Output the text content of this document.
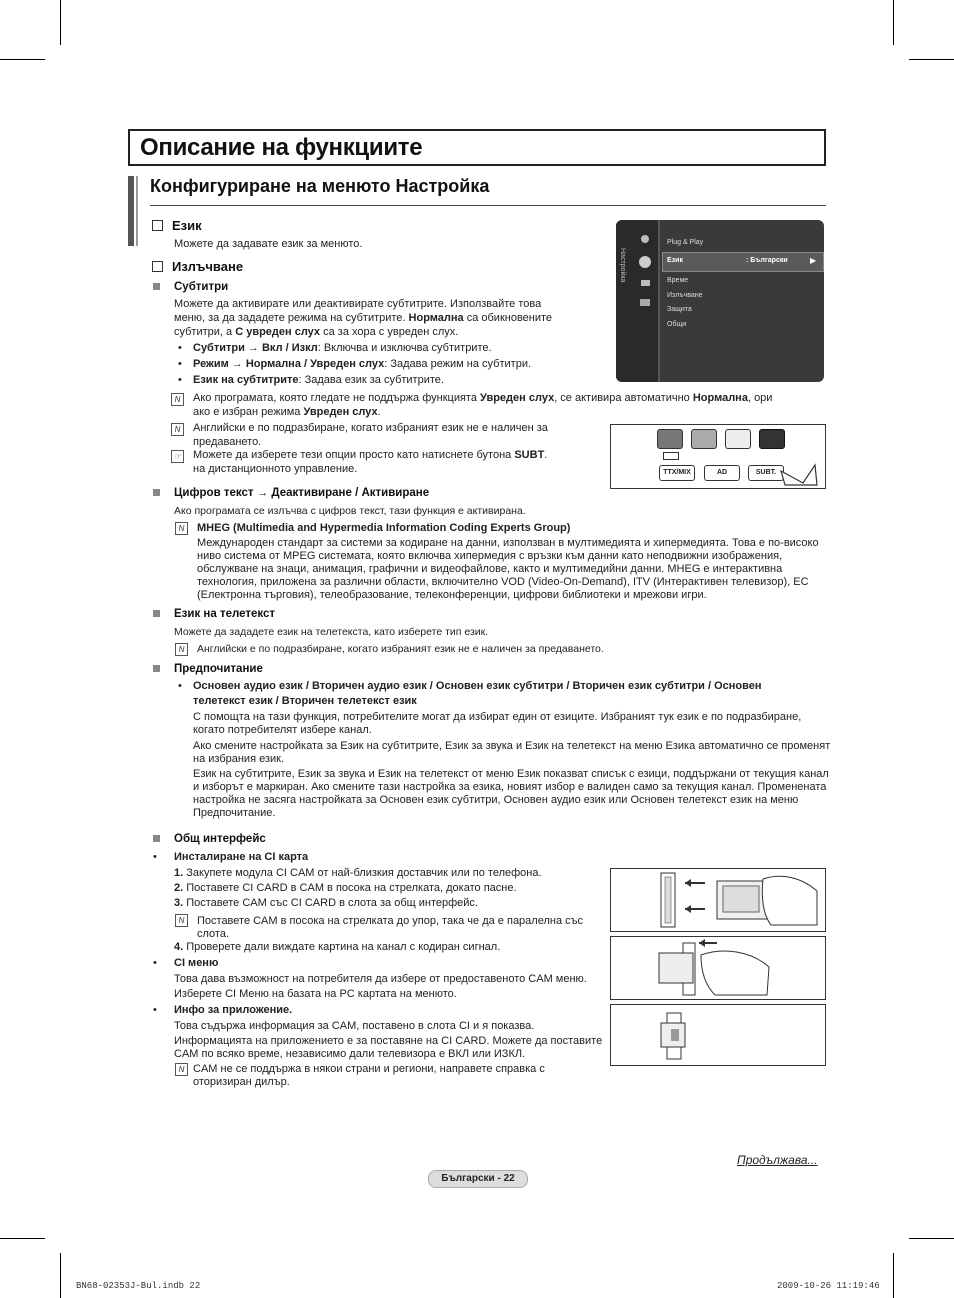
Описание на функциите
Конфигуриране на менюто Настройка
Език
Можете да задавате език за менюто.
Излъчване
Субтитри
Можете да активирате или деактивирате субтитрите. Използвайте това
меню, за да зададете режима на субтитрите. Нормална са обикновените
субтитри, а С увреден слух са за хора с увреден слух.
• Субтитри → Вкл / Изкл: Включва и изключва субтитрите.
• Режим → Нормална / Увреден слух: Задава режим на субтитри.
• Език на субтитрите: Задава език за субтитрите.
N	Ако програмата, която гледате не поддържа функцията Увреден слух, се активира автоматично Нормална, ори
ако е избран режима Увреден слух.
N	Английски е по подразбиране, когато избраният език не е наличен за
предаването.
☞ Можете да изберете тези опции просто като натиснете бутона SUBT.
на дистанционното управление.
Настройка
Plug & Play
Език	: Български	▶
Време
Излъчване
Защита
Общи
TTX/MIX	AD	SUBT.
Цифров текст → Деактивиране / Активиране
Ако програмата се излъчва с цифров текст, тази функция е активирана.
N	MHEG (Multimedia and Hypermedia Information Coding Experts Group)
Международен стандарт за системи за кодиране на данни, използван в мултимедията и хипермедията. Това е по-високо
ниво система от MPEG системата, която включва хипермедия с връзки към данни като неподвижни изображения,
обслужване на знаци, анимация, графични и видеофайлове, както и мултимедийни данни. MHEG е интерактивна
технология, приложена за различни области, включително VOD (Video-On-Demand), ITV (Интерактивен телевизор), EC
(Електронна търговия), телеобразование, телеконференции, цифрови библиотеки и мрежови игри.
Език на телетекст
Можете да зададете език на телетекста, като изберете тип език.
N	Английски е по подразбиране, когато избраният език не е наличен за предаването.
Предпочитание
• Основен аудио език / Вторичен аудио език / Основен език субтитри / Вторичен език субтитри / Основен
телетекст език / Вторичен телетекст език
С помощта на тази функция, потребителите могат да избират един от езиците. Избраният тук език е по подразбиране,
когато потребителят избере канал.
Ако смените настройката за Език на субтитрите, Език за звука и Език на телетекст на меню Езика автоматично се променят
на избрания език.
Език на субтитрите, Език за звука и Език на телетекст от меню Език показват списък с езици, поддържани от текущия канал
и изборът е маркиран. Ако смените тази настройка за езика, новият избор е валиден само за текущия канал. Променената
настройка не засяга настройката за Основен език субтитри, Основен аудио език или Основен телетекст език на меню
Предпочитание.
Общ интерфейс
• Инсталиране на CI карта
1. Закупете модула CI CAM от най-близкия доставчик или по телефона.
2. Поставете CI CARD в CAM в посока на стрелката, докато пасне.
3. Поставете CAM със CI CARD в слота за общ интерфейс.
N	Поставете CAM в посока на стрелката до упор, така че да е паралелна със
слота.
4. Проверете дали виждате картина на канал с кодиран сигнал.
• CI меню
Това дава възможност на потребителя да избере от предоставеното CAM меню.
Изберете CI Меню на базата на PC картата на менюто.
• Инфо за приложение.
Това съдържа информация за CAM, поставено в слота CI и я показва.
Информацията на приложението е за поставяне на CI CARD. Можете да поставите
CAM по всяко време, независимо дали телевизора е ВКЛ или ИЗКЛ.
N CAM не се поддържа в някои страни и региони, направете справка с
оторизиран дилър.
Продължава...
Български - 22
BN68-02353J-Bul.indb 22	2009-10-26 11:19:46
